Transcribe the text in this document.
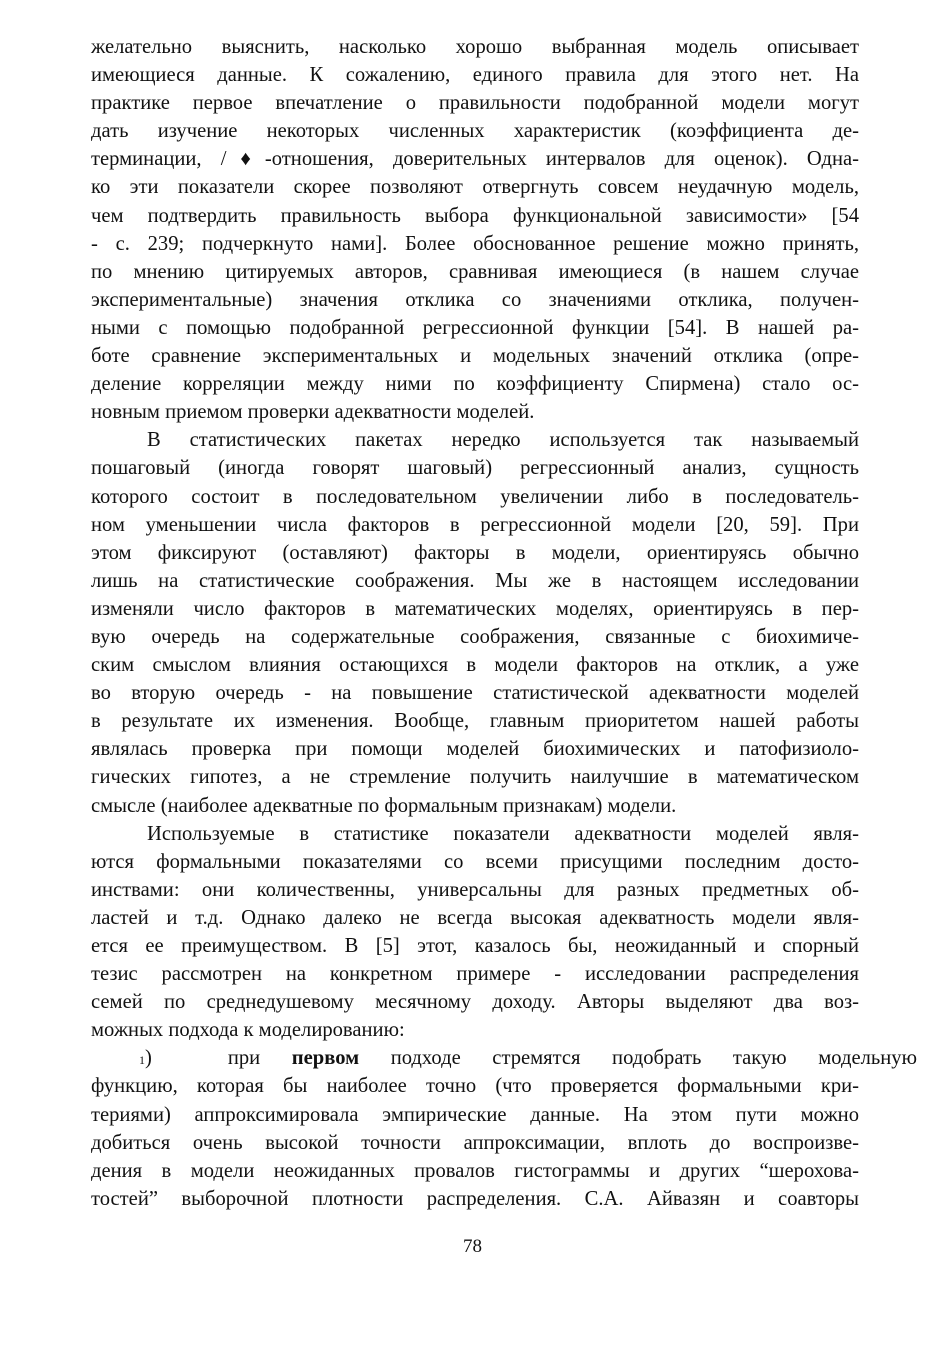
желательно выяснить, насколько хорошо выбранная модель описывает
имеющиеся данные. К сожалению, единого правила для этого нет. На
практике первое впечатление о правильности подобранной модели могут
дать изучение некоторых численных характеристик (коэффициента де-
терминации, /♦-отношения, доверительных интервалов для оценок). Одна-
ко эти показатели скорее позволяют отвергнуть совсем неудачную модель,
чем подтвердить правильность выбора функциональной зависимости» [54
- с. 239; подчеркнуто нами]. Более обоснованное решение можно принять,
по мнению цитируемых авторов, сравнивая имеющиеся (в нашем случае
экспериментальные) значения отклика со значениями отклика, получен-
ными с помощью подобранной регрессионной функции [54]. В нашей ра-
боте сравнение экспериментальных и модельных значений отклика (опре-
деление корреляции между ними по коэффициенту Спирмена) стало ос-
новным приемом проверки адекватности моделей.
В статистических пакетах нередко используется так называемый
пошаговый (иногда говорят шаговый) регрессионный анализ, сущность
которого состоит в последовательном увеличении либо в последователь-
ном уменьшении числа факторов в регрессионной модели [20, 59]. При
этом фиксируют (оставляют) факторы в модели, ориентируясь обычно
лишь на статистические соображения. Мы же в настоящем исследовании
изменяли число факторов в математических моделях, ориентируясь в пер-
вую очередь на содержательные соображения, связанные с биохимиче-
ским смыслом влияния остающихся в модели факторов на отклик, а уже
во вторую очередь - на повышение статистической адекватности моделей
в результате их изменения. Вообще, главным приоритетом нашей работы
являлась проверка при помощи моделей биохимических и патофизиоло-
гических гипотез, а не стремление получить наилучшие в математическом
смысле (наиболее адекватные по формальным признакам) модели.
Используемые в статистике показатели адекватности моделей явля-
ются формальными показателями со всеми присущими последним досто-
инствами: они количественны, универсальны для разных предметных об-
ластей и т.д. Однако далеко не всегда высокая адекватность модели явля-
ется ее преимуществом. В [5] этот, казалось бы, неожиданный и спорный
тезис рассмотрен на конкретном примере - исследовании распределения
семей по среднедушевому месячному доходу. Авторы выделяют два воз-
можных подхода к моделированию:
1)	при первом подходе стремятся подобрать такую модельную
функцию, которая бы наиболее точно (что проверяется формальными кри-
териями) аппроксимировала эмпирические данные. На этом пути можно
добиться очень высокой точности аппроксимации, вплоть до воспроизве-
дения в модели неожиданных провалов гистограммы и других “шерохова-
тостей” выборочной плотности распределения. С.А. Айвазян и соавторы
78
